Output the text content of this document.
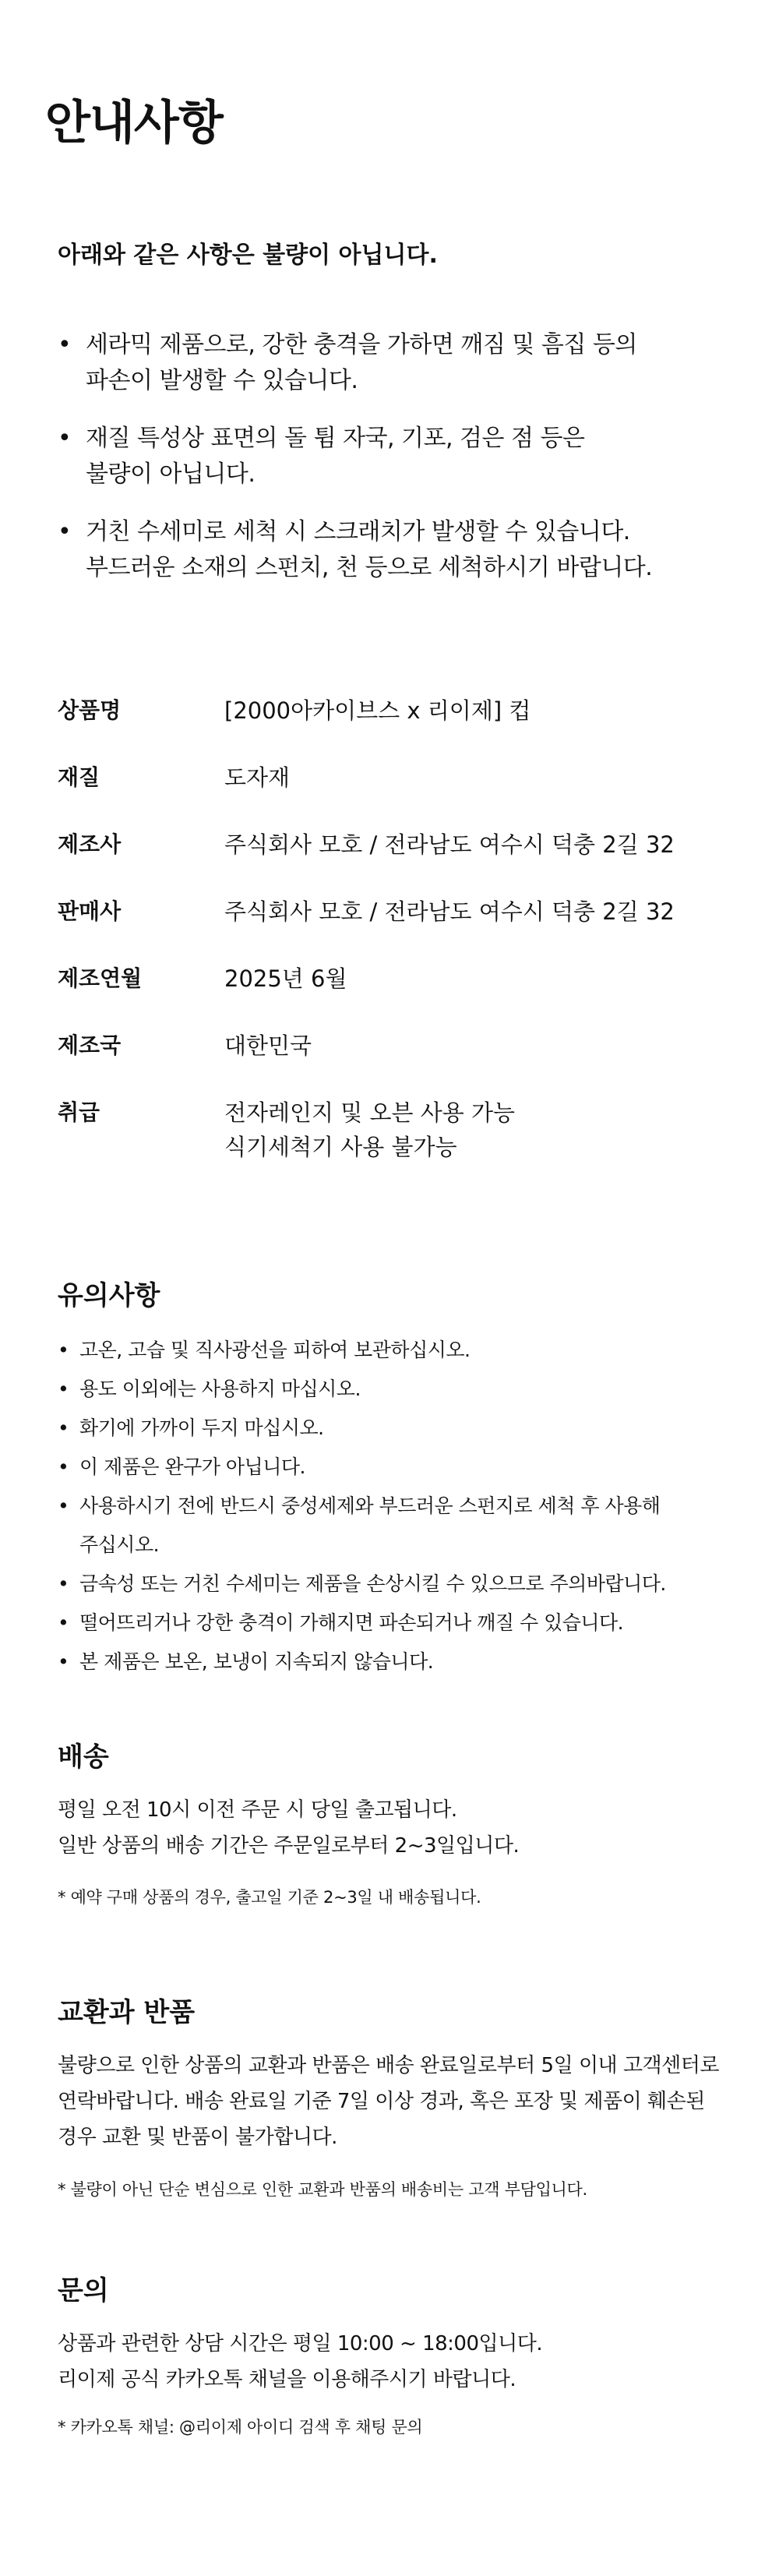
안내사항
아래와 같은 사항은 불량이 아닙니다.
• 세라믹 제품으로, 강한 충격을 가하면 깨짐 및 흠집 등의
파손이 발생할 수 있습니다.
• 재질 특성상 표면의 돌 튐 자국, 기포, 검은 점 등은
불량이 아닙니다.
• 거친 수세미로 세척 시 스크래치가 발생할 수 있습니다.
부드러운 소재의 스펀치, 천 등으로 세척하시기 바랍니다.
상품명	[2000아카이브스 x 리이제] 컵
재질	도자재
제조사	주식회사 모호 / 전라남도 여수시 덕충 2길 32
판매사	주식회사 모호 / 전라남도 여수시 덕충 2길 32
제조연월	2025년 6월
제조국	대한민국
취급	전자레인지 및 오븐 사용 가능
식기세척기 사용 불가능
유의사항
• 고온, 고습 및 직사광선을 피하여 보관하십시오.
• 용도 이외에는 사용하지 마십시오.
• 화기에 가까이 두지 마십시오.
• 이 제품은 완구가 아닙니다.
• 사용하시기 전에 반드시 중성세제와 부드러운 스펀지로 세척 후 사용해
주십시오.
• 금속성 또는 거친 수세미는 제품을 손상시킬 수 있으므로 주의바랍니다.
• 떨어뜨리거나 강한 충격이 가해지면 파손되거나 깨질 수 있습니다.
• 본 제품은 보온, 보냉이 지속되지 않습니다.
배송
평일 오전 10시 이전 주문 시 당일 출고됩니다.
일반 상품의 배송 기간은 주문일로부터 2~3일입니다.

* 예약 구매 상품의 경우, 출고일 기준 2~3일 내 배송됩니다.

교환과 반품
불량으로 인한 상품의 교환과 반품은 배송 완료일로부터 5일 이내 고객센터로
연락바랍니다. 배송 완료일 기준 7일 이상 경과, 혹은 포장 및 제품이 훼손된
경우 교환 및 반품이 불가합니다.

* 불량이 아닌 단순 변심으로 인한 교환과 반품의 배송비는 고객 부담입니다.

문의
상품과 관련한 상담 시간은 평일 10:00 ~ 18:00입니다.
리이제 공식 카카오톡 채널을 이용해주시기 바랍니다.

* 카카오톡 채널: @리이제 아이디 검색 후 채팅 문의
